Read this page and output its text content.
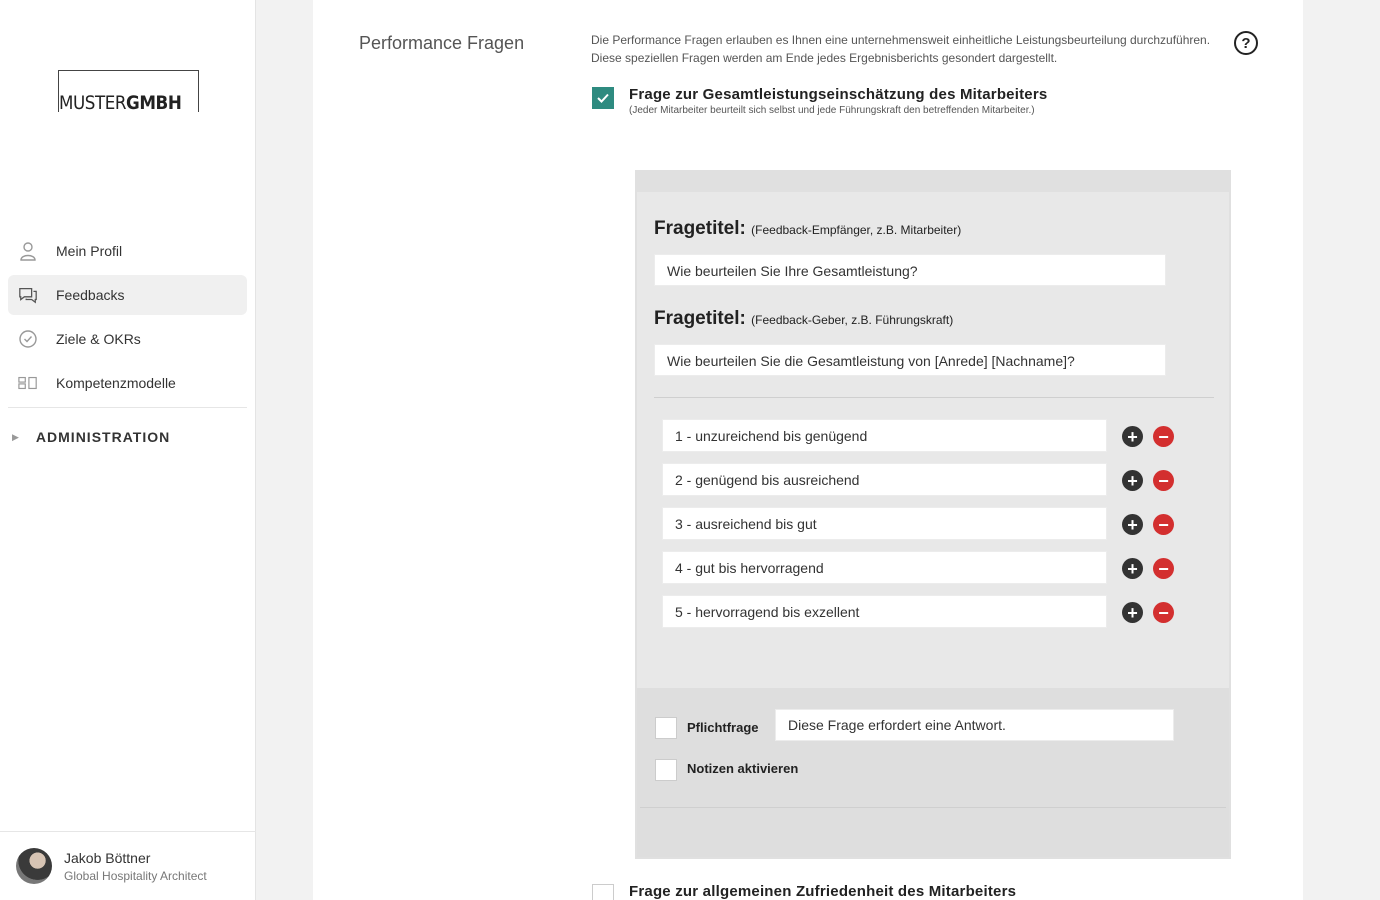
MUSTERGMBH
Mein Profil
Feedbacks
Ziele & OKRs
Kompetenzmodelle
▶ ADMINISTRATION
Jakob Böttner
Global Hospitality Architect
Performance Fragen	Die Performance Fragen erlauben es Ihnen eine unternehmensweit einheitliche Leistungsbeurteilung durchzuführen. Diese speziellen Fragen werden am Ende jedes Ergebnisberichts gesondert dargestellt.
?
Frage zur Gesamtleistungseinschätzung des Mitarbeiters
(Jeder Mitarbeiter beurteilt sich selbst und jede Führungskraft den betreffenden Mitarbeiter.)
Fragetitel: (Feedback-Empfänger, z.B. Mitarbeiter)
Wie beurteilen Sie Ihre Gesamtleistung?
Fragetitel: (Feedback-Geber, z.B. Führungskraft)
Wie beurteilen Sie die Gesamtleistung von [Anrede] [Nachname]?
1 - unzureichend bis genügend	+ −
2 - genügend bis ausreichend	+ −
3 - ausreichend bis gut	+ −
4 - gut bis hervorragend	+ −
5 - hervorragend bis exzellent	+ −
Pflichtfrage	Diese Frage erfordert eine Antwort.
Notizen aktivieren
Frage zur allgemeinen Zufriedenheit des Mitarbeiters
